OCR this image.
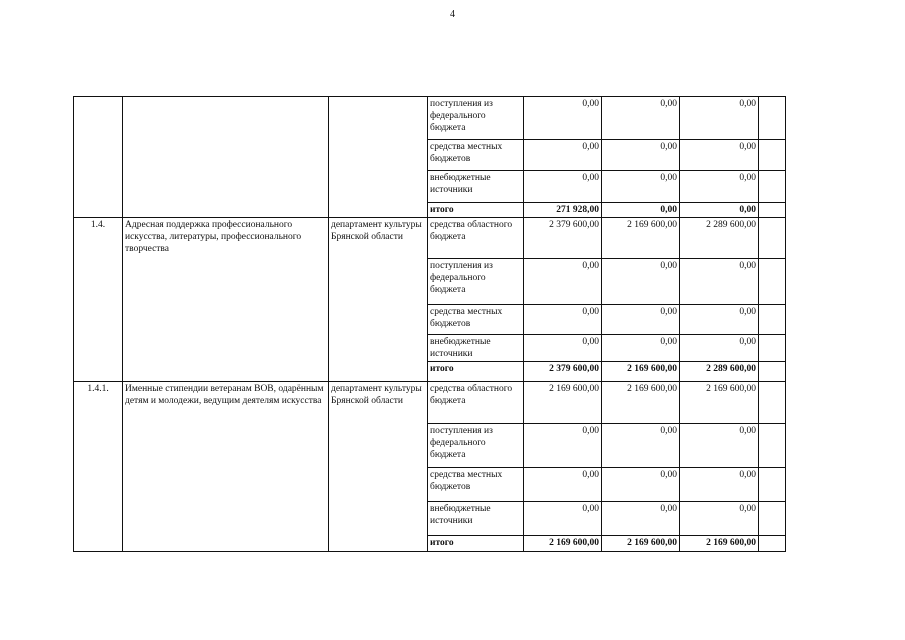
4
			поступления из федерального бюджета	0,00	0,00	0,00	
			средства местных бюджетов	0,00	0,00	0,00	
			внебюджетные источники	0,00	0,00	0,00	
			итого	271 928,00	0,00	0,00	
1.4.	Адресная поддержка профессионального искусства, литературы, профессионального творчества	департамент культуры Брянской области	средства областного бюджета	2 379 600,00	2 169 600,00	2 289 600,00	
			поступления из федерального бюджета	0,00	0,00	0,00	
			средства местных бюджетов	0,00	0,00	0,00	
			внебюджетные источники	0,00	0,00	0,00	
			итого	2 379 600,00	2 169 600,00	2 289 600,00	
1.4.1.	Именные стипендии ветеранам ВОВ, одарённым детям и молодежи, ведущим деятелям искусства	департамент культуры Брянской области	средства областного бюджета	2 169 600,00	2 169 600,00	2 169 600,00	
			поступления из федерального бюджета	0,00	0,00	0,00	
			средства местных бюджетов	0,00	0,00	0,00	
			внебюджетные источники	0,00	0,00	0,00	
			итого	2 169 600,00	2 169 600,00	2 169 600,00	
